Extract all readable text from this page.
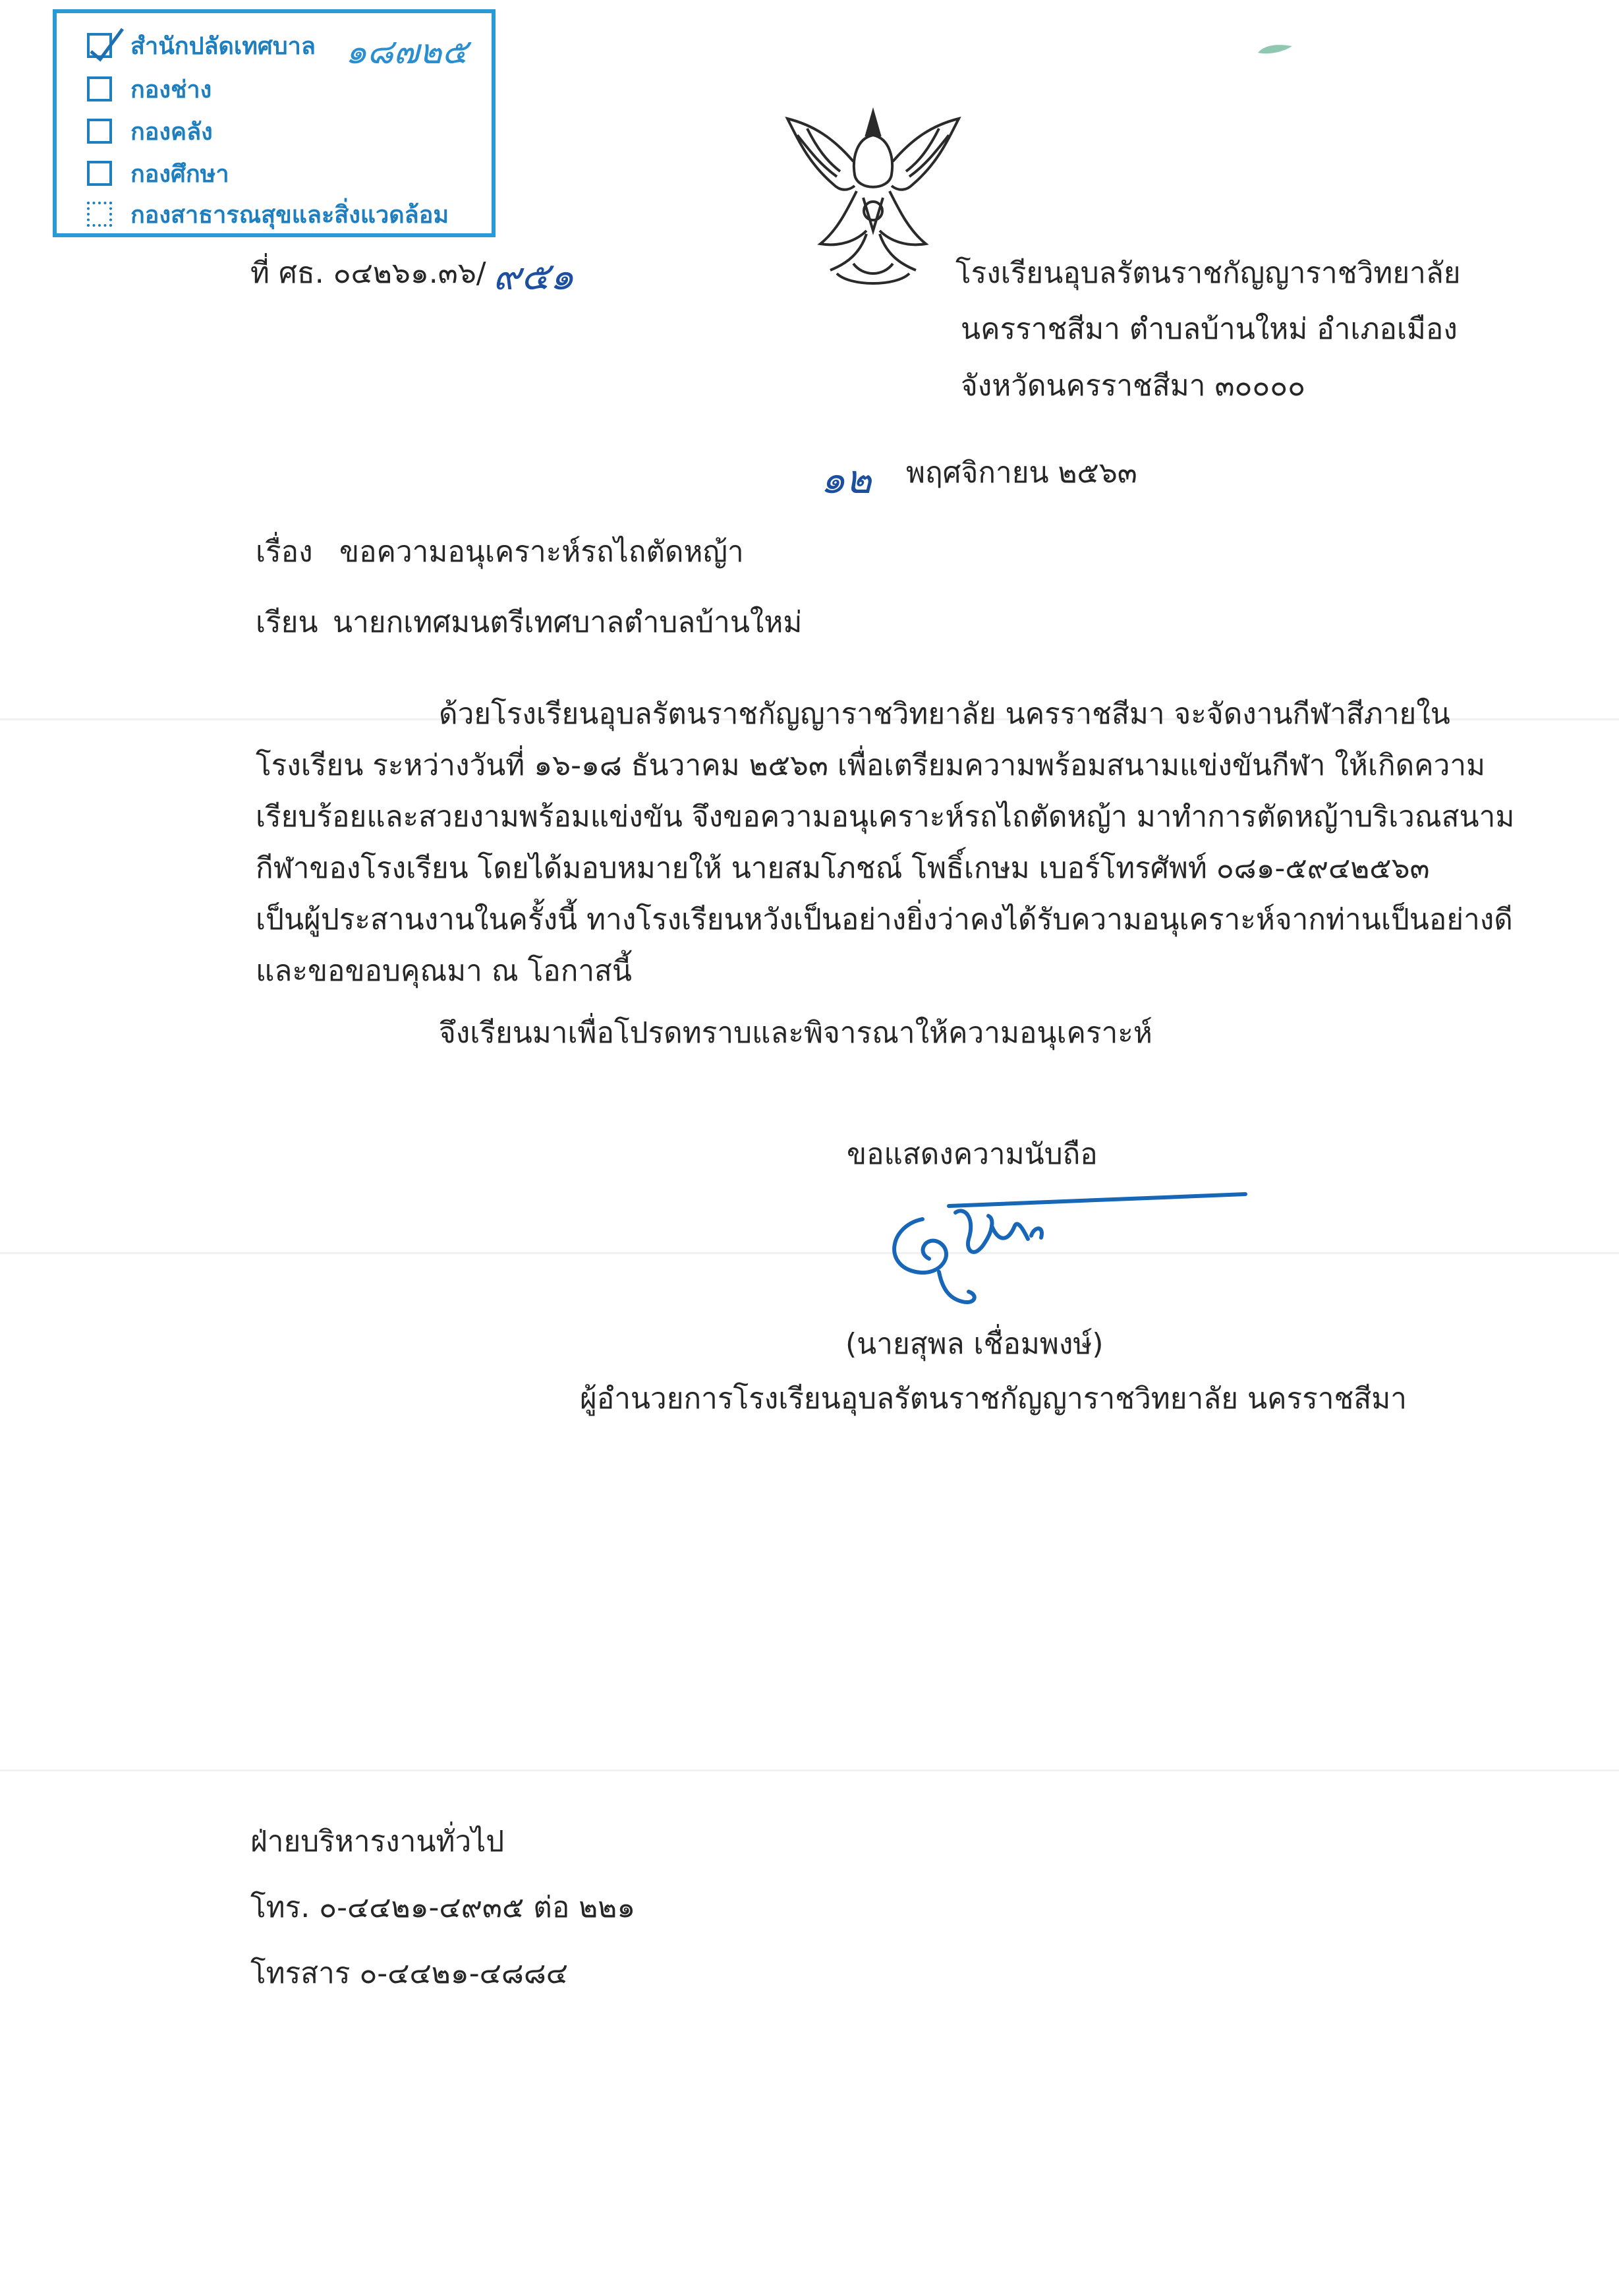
สำนักปลัดเทศบาล
กองช่าง
กองคลัง
กองศึกษา
กองสาธารณสุขและสิ่งแวดล้อม
๑๘๗๒๕
ที่ ศธ. ๐๔๒๖๑.๓๖/ ๙๕๑	โรงเรียนอุบลรัตนราชกัญญาราชวิทยาลัย
นครราชสีมา ตำบลบ้านใหม่ อำเภอเมือง
จังหวัดนครราชสีมา ๓๐๐๐๐
๑๒ พฤศจิกายน ๒๕๖๓
เรื่อง ขอความอนุเคราะห์รถไถตัดหญ้า
เรียน นายกเทศมนตรีเทศบาลตำบลบ้านใหม่
ด้วยโรงเรียนอุบลรัตนราชกัญญาราชวิทยาลัย นครราชสีมา จะจัดงานกีฬาสีภายใน
โรงเรียน ระหว่างวันที่ ๑๖-๑๘ ธันวาคม ๒๕๖๓ เพื่อเตรียมความพร้อมสนามแข่งขันกีฬา ให้เกิดความ
เรียบร้อยและสวยงามพร้อมแข่งขัน จึงขอความอนุเคราะห์รถไถตัดหญ้า มาทำการตัดหญ้าบริเวณสนาม
กีฬาของโรงเรียน โดยได้มอบหมายให้ นายสมโภชณ์ โพธิ์เกษม เบอร์โทรศัพท์ ๐๘๑-๕๙๔๒๕๖๓
เป็นผู้ประสานงานในครั้งนี้ ทางโรงเรียนหวังเป็นอย่างยิ่งว่าคงได้รับความอนุเคราะห์จากท่านเป็นอย่างดี
และขอขอบคุณมา ณ โอกาสนี้
จึงเรียนมาเพื่อโปรดทราบและพิจารณาให้ความอนุเคราะห์
ขอแสดงความนับถือ
(นายสุพล เชื่อมพงษ์)
ผู้อำนวยการโรงเรียนอุบลรัตนราชกัญญาราชวิทยาลัย นครราชสีมา
ฝ่ายบริหารงานทั่วไป
โทร. ๐-๔๔๒๑-๔๙๓๕ ต่อ ๒๒๑
โทรสาร ๐-๔๔๒๑-๔๘๘๔
